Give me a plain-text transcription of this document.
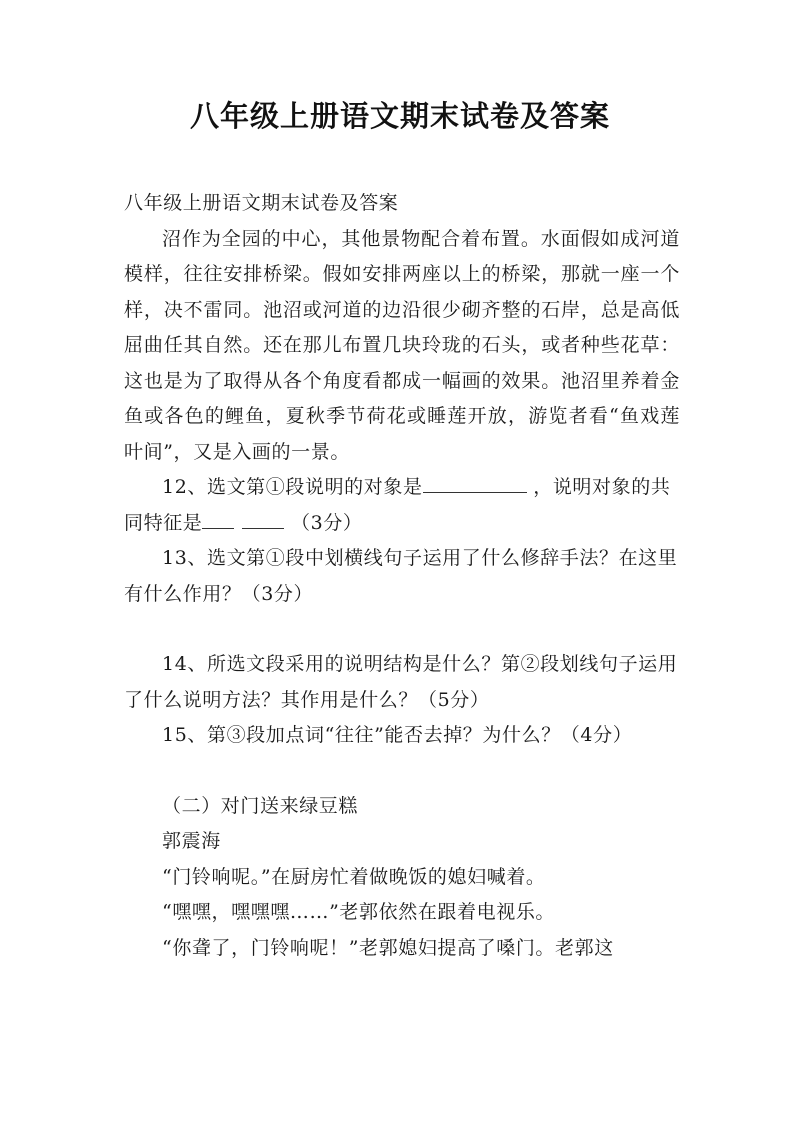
八年级上册语文期末试卷及答案

八年级上册语文期末试卷及答案

沼作为全园的中心，其他景物配合着布置。水面假如成河道模样，往往安排桥梁。假如安排两座以上的桥梁，那就一座一个样，决不雷同。池沼或河道的边沿很少砌齐整的石岸，总是高低屈曲任其自然。还在那儿布置几块玲珑的石头，或者种些花草：这也是为了取得从各个角度看都成一幅画的效果。池沼里养着金鱼或各色的鲤鱼，夏秋季节荷花或睡莲开放，游览者看“鱼戏莲叶间”，又是入画的一景。

12、选文第①段说明的对象是	，说明对象的共同特征是	（3分）

13、选文第①段中划横线句子运用了什么修辞手法？在这里有什么作用？（3分）

14、所选文段采用的说明结构是什么？第②段划线句子运用了什么说明方法？其作用是什么？（5分）

15、第③段加点词“往往”能否去掉？为什么？（4分）

（二）对门送来绿豆糕

郭震海

“门铃响呢。”在厨房忙着做晚饭的媳妇喊着。

“嘿嘿，嘿嘿嘿……”老郭依然在跟着电视乐。

“你聋了，门铃响呢！”老郭媳妇提高了嗓门。老郭这
